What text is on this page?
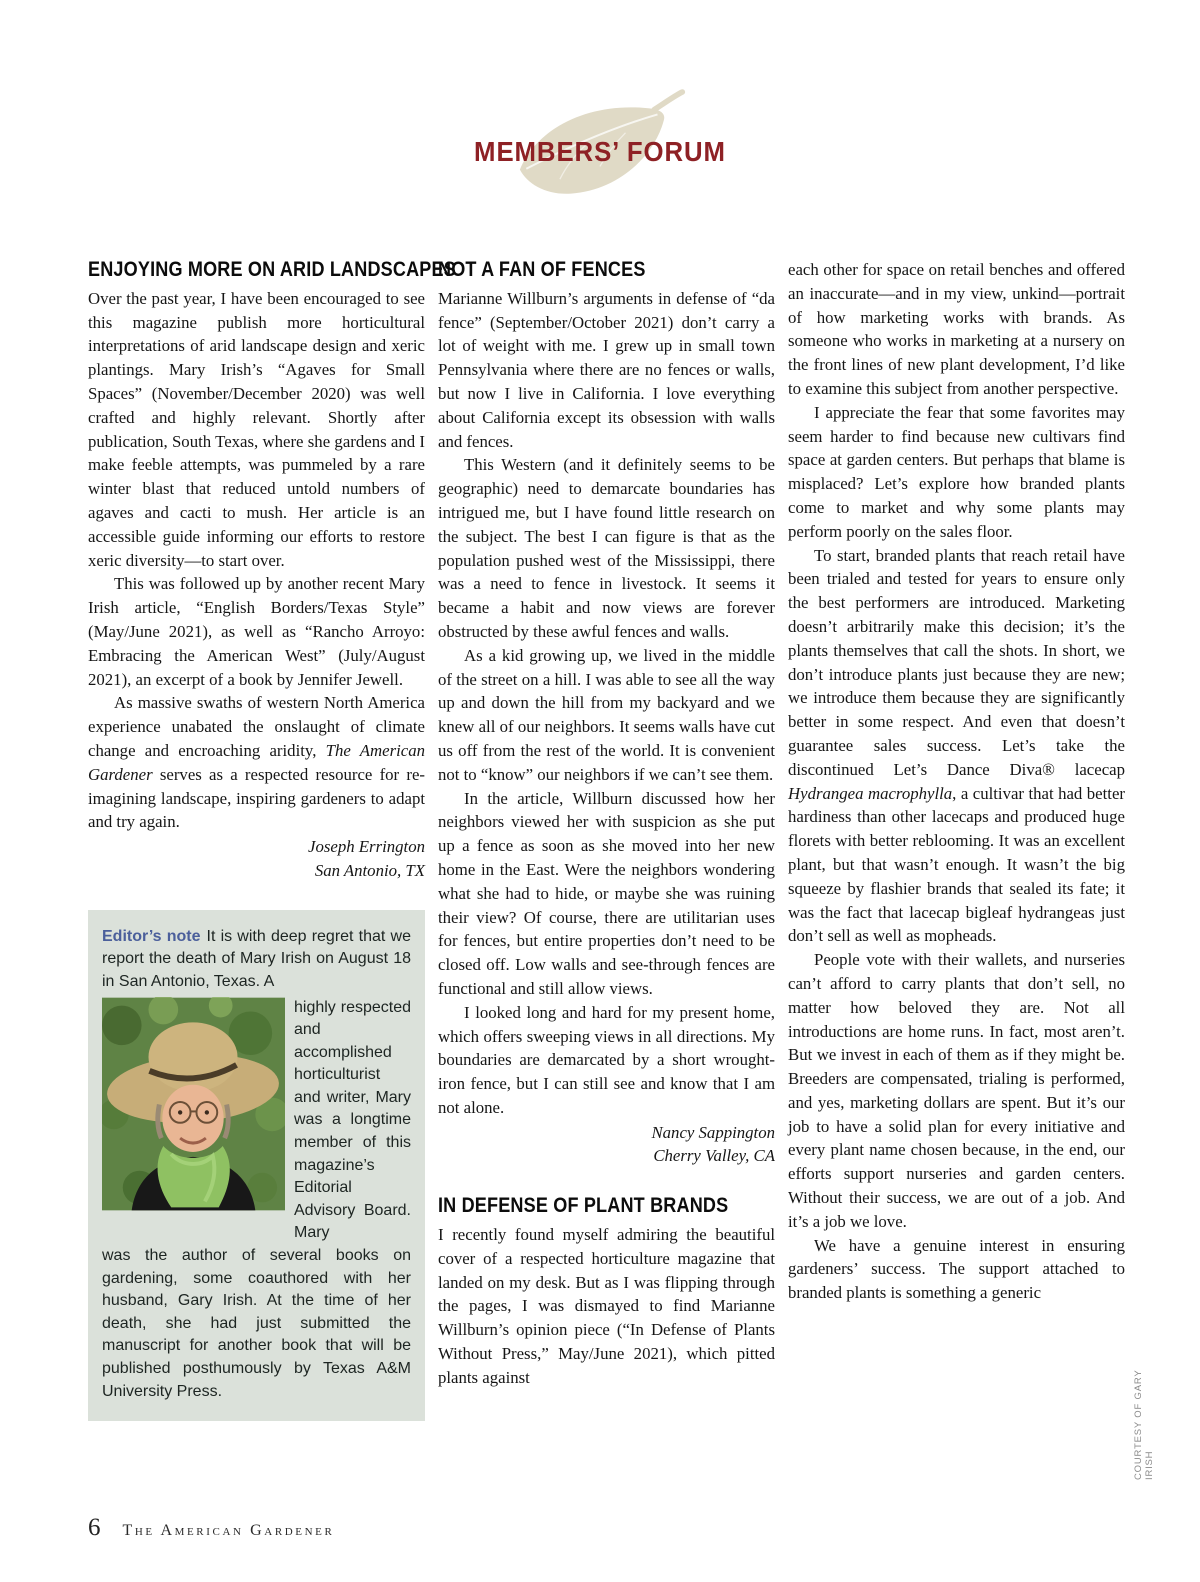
MEMBERS’ FORUM
ENJOYING MORE ON ARID LANDSCAPES

Over the past year, I have been encouraged to see this magazine publish more horticultural interpretations of arid landscape design and xeric plantings. Mary Irish’s “Agaves for Small Spaces” (November/December 2020) was well crafted and highly relevant. Shortly after publication, South Texas, where she gardens and I make feeble attempts, was pummeled by a rare winter blast that reduced untold numbers of agaves and cacti to mush. Her article is an accessible guide informing our efforts to restore xeric diversity—to start over.

This was followed up by another recent Mary Irish article, “English Borders/Texas Style” (May/June 2021), as well as “Rancho Arroyo: Embracing the American West” (July/August 2021), an excerpt of a book by Jennifer Jewell.

As massive swaths of western North America experience unabated the onslaught of climate change and encroaching aridity, The American Gardener serves as a respected resource for re-imagining landscape, inspiring gardeners to adapt and try again.

Joseph Errington
San Antonio, TX

Editor’s note It is with deep regret that we report the death of Mary Irish on August 18 in San Antonio, Texas. A

highly respected and accomplished horticulturist and writer, Mary was a longtime member of this magazine’s Editorial Advisory Board. Mary

was the author of several books on gardening, some coauthored with her husband, Gary Irish. At the time of her death, she had just submitted the manuscript for another book that will be published posthumously by Texas A&M University Press.

NOT A FAN OF FENCES

Marianne Willburn’s arguments in defense of “da fence” (September/October 2021) don’t carry a lot of weight with me. I grew up in small town Pennsylvania where there are no fences or walls, but now I live in California. I love everything about California except its obsession with walls and fences.

This Western (and it definitely seems to be geographic) need to demarcate boundaries has intrigued me, but I have found little research on the subject. The best I can figure is that as the population pushed west of the Mississippi, there was a need to fence in livestock. It seems it became a habit and now views are forever obstructed by these awful fences and walls.

As a kid growing up, we lived in the middle of the street on a hill. I was able to see all the way up and down the hill from my backyard and we knew all of our neighbors. It seems walls have cut us off from the rest of the world. It is convenient not to “know” our neighbors if we can’t see them.

In the article, Willburn discussed how her neighbors viewed her with suspicion as she put up a fence as soon as she moved into her new home in the East. Were the neighbors wondering what she had to hide, or maybe she was ruining their view? Of course, there are utilitarian uses for fences, but entire properties don’t need to be closed off. Low walls and see-through fences are functional and still allow views.

I looked long and hard for my present home, which offers sweeping views in all directions. My boundaries are demarcated by a short wrought-iron fence, but I can still see and know that I am not alone.

Nancy Sappington
Cherry Valley, CA
IN DEFENSE OF PLANT BRANDS

I recently found myself admiring the beautiful cover of a respected horticulture magazine that landed on my desk. But as I was flipping through the pages, I was dismayed to find Marianne Willburn’s opinion piece (“In Defense of Plants Without Press,” May/June 2021), which pitted plants against

each other for space on retail benches and offered an inaccurate—and in my view, unkind—portrait of how marketing works with brands. As someone who works in marketing at a nursery on the front lines of new plant development, I’d like to examine this subject from another perspective.

I appreciate the fear that some favorites may seem harder to find because new cultivars find space at garden centers. But perhaps that blame is misplaced? Let’s explore how branded plants come to market and why some plants may perform poorly on the sales floor.

To start, branded plants that reach retail have been trialed and tested for years to ensure only the best performers are introduced. Marketing doesn’t arbitrarily make this decision; it’s the plants themselves that call the shots. In short, we don’t introduce plants just because they are new; we introduce them because they are significantly better in some respect. And even that doesn’t guarantee sales success. Let’s take the discontinued Let’s Dance Diva® lacecap Hydrangea macrophylla, a cultivar that had better hardiness than other lacecaps and produced huge florets with better reblooming. It was an excellent plant, but that wasn’t enough. It wasn’t the big squeeze by flashier brands that sealed its fate; it was the fact that lacecap bigleaf hydrangeas just don’t sell as well as mopheads.

People vote with their wallets, and nurseries can’t afford to carry plants that don’t sell, no matter how beloved they are. Not all introductions are home runs. In fact, most aren’t. But we invest in each of them as if they might be. Breeders are compensated, trialing is performed, and yes, marketing dollars are spent. But it’s our job to have a solid plan for every initiative and every plant name chosen because, in the end, our efforts support nurseries and garden centers. Without their success, we are out of a job. And it’s a job we love.

We have a genuine interest in ensuring gardeners’ success. The support attached to branded plants is something a generic

6 The American Gardener
COURTESY OF GARY IRISH
